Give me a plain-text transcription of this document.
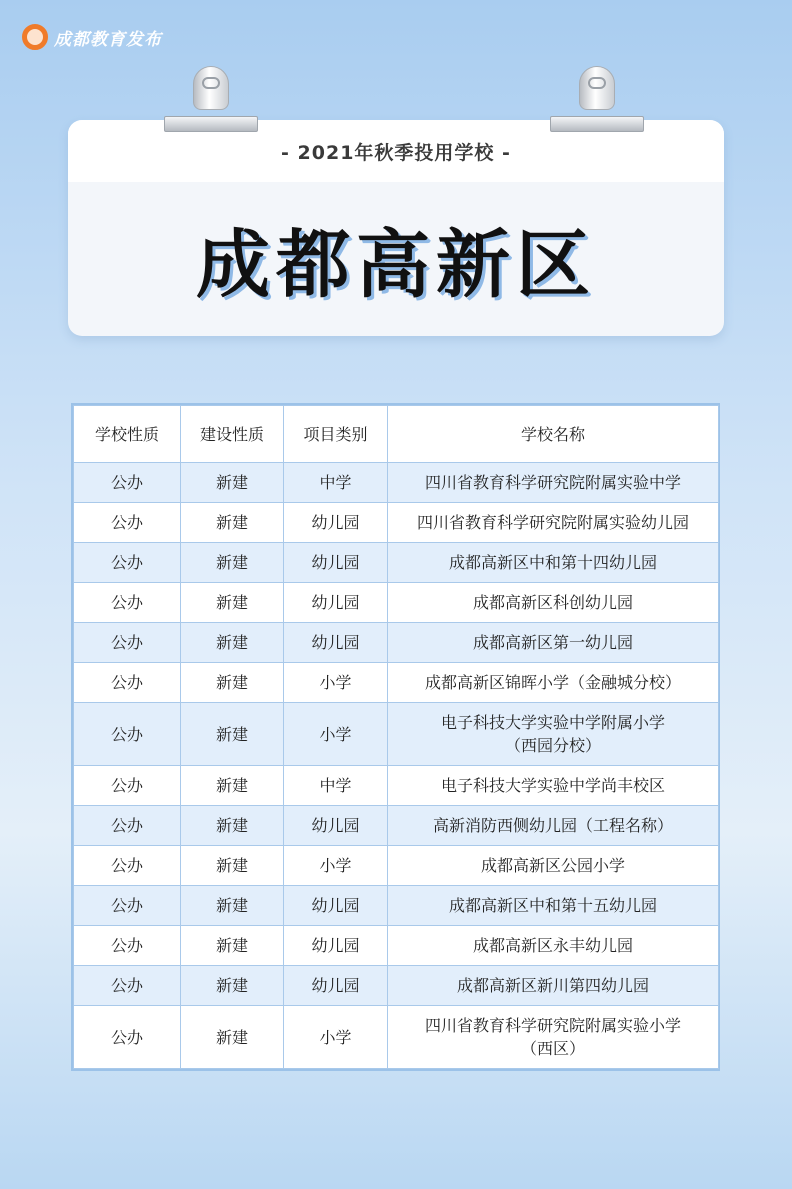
成都教育发布
- 2021年秋季投用学校 -
成都高新区
学校性质	建设性质	项目类别	学校名称
公办	新建	中学	四川省教育科学研究院附属实验中学
公办	新建	幼儿园	四川省教育科学研究院附属实验幼儿园
公办	新建	幼儿园	成都高新区中和第十四幼儿园
公办	新建	幼儿园	成都高新区科创幼儿园
公办	新建	幼儿园	成都高新区第一幼儿园
公办	新建	小学	成都高新区锦晖小学（金融城分校）
公办	新建	小学	电子科技大学实验中学附属小学
（西园分校）
公办	新建	中学	电子科技大学实验中学尚丰校区
公办	新建	幼儿园	高新消防西侧幼儿园（工程名称）
公办	新建	小学	成都高新区公园小学
公办	新建	幼儿园	成都高新区中和第十五幼儿园
公办	新建	幼儿园	成都高新区永丰幼儿园
公办	新建	幼儿园	成都高新区新川第四幼儿园
公办	新建	小学	四川省教育科学研究院附属实验小学
（西区）
